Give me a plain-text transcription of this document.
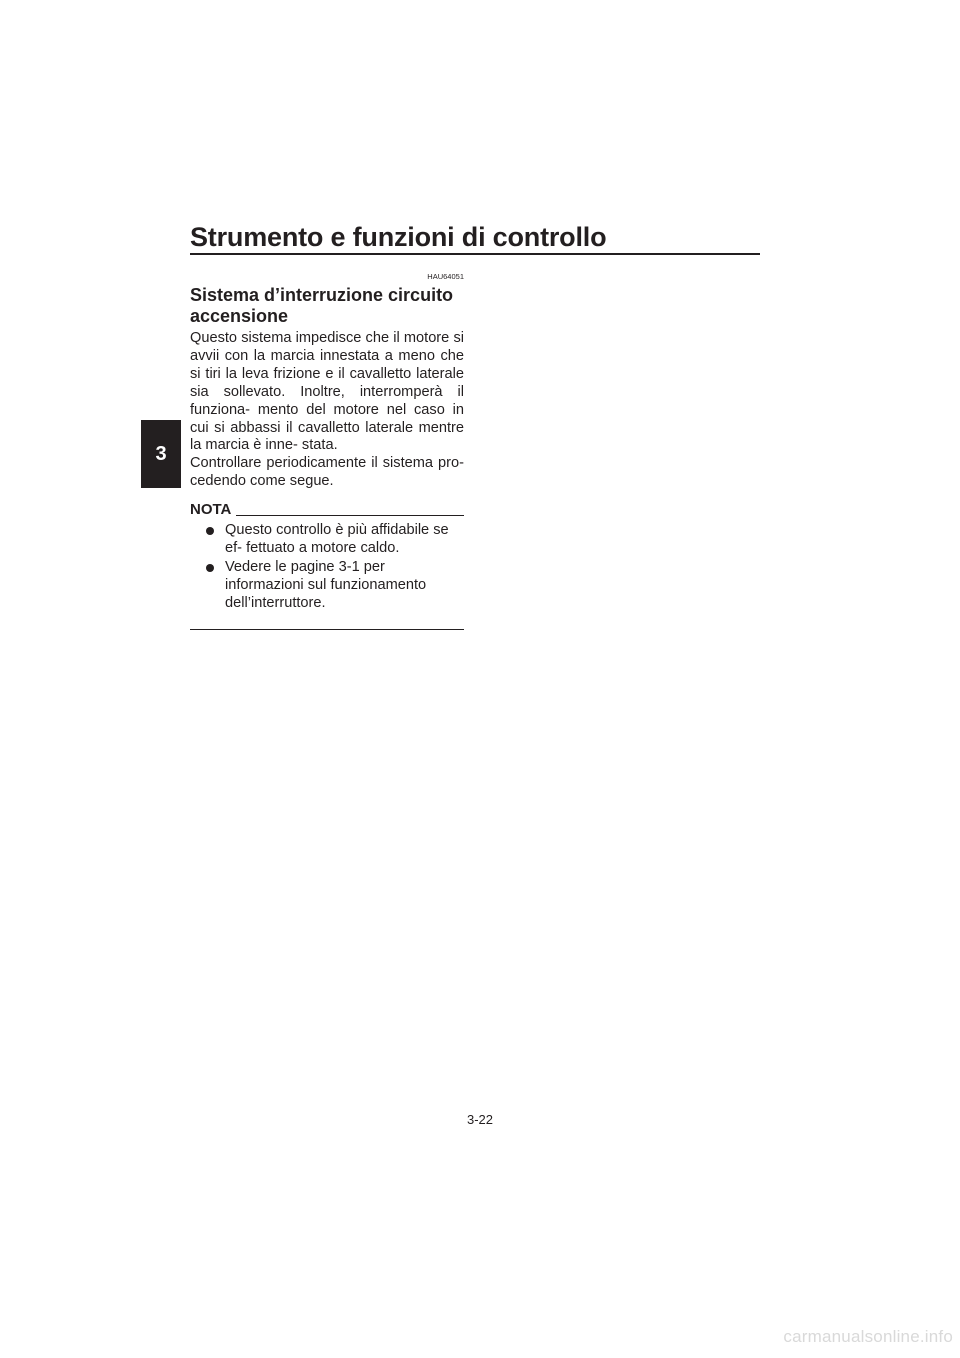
Strumento e funzioni di controllo
3
HAU64051
Sistema d’interruzione circuito accensione

Questo sistema impedisce che il motore si avvii con la marcia innestata a meno che si tiri la leva frizione e il cavalletto laterale sia sollevato. Inoltre, interromperà il funziona- mento del motore nel caso in cui si abbassi il cavalletto laterale mentre la marcia è inne- stata.

Controllare periodicamente il sistema pro- cedendo come segue.

NOTA
Questo controllo è più affidabile se ef- fettuato a motore caldo.
Vedere le pagine 3-1 per informazioni sul funzionamento dell’interruttore.
3-22
carmanualsonline.info
